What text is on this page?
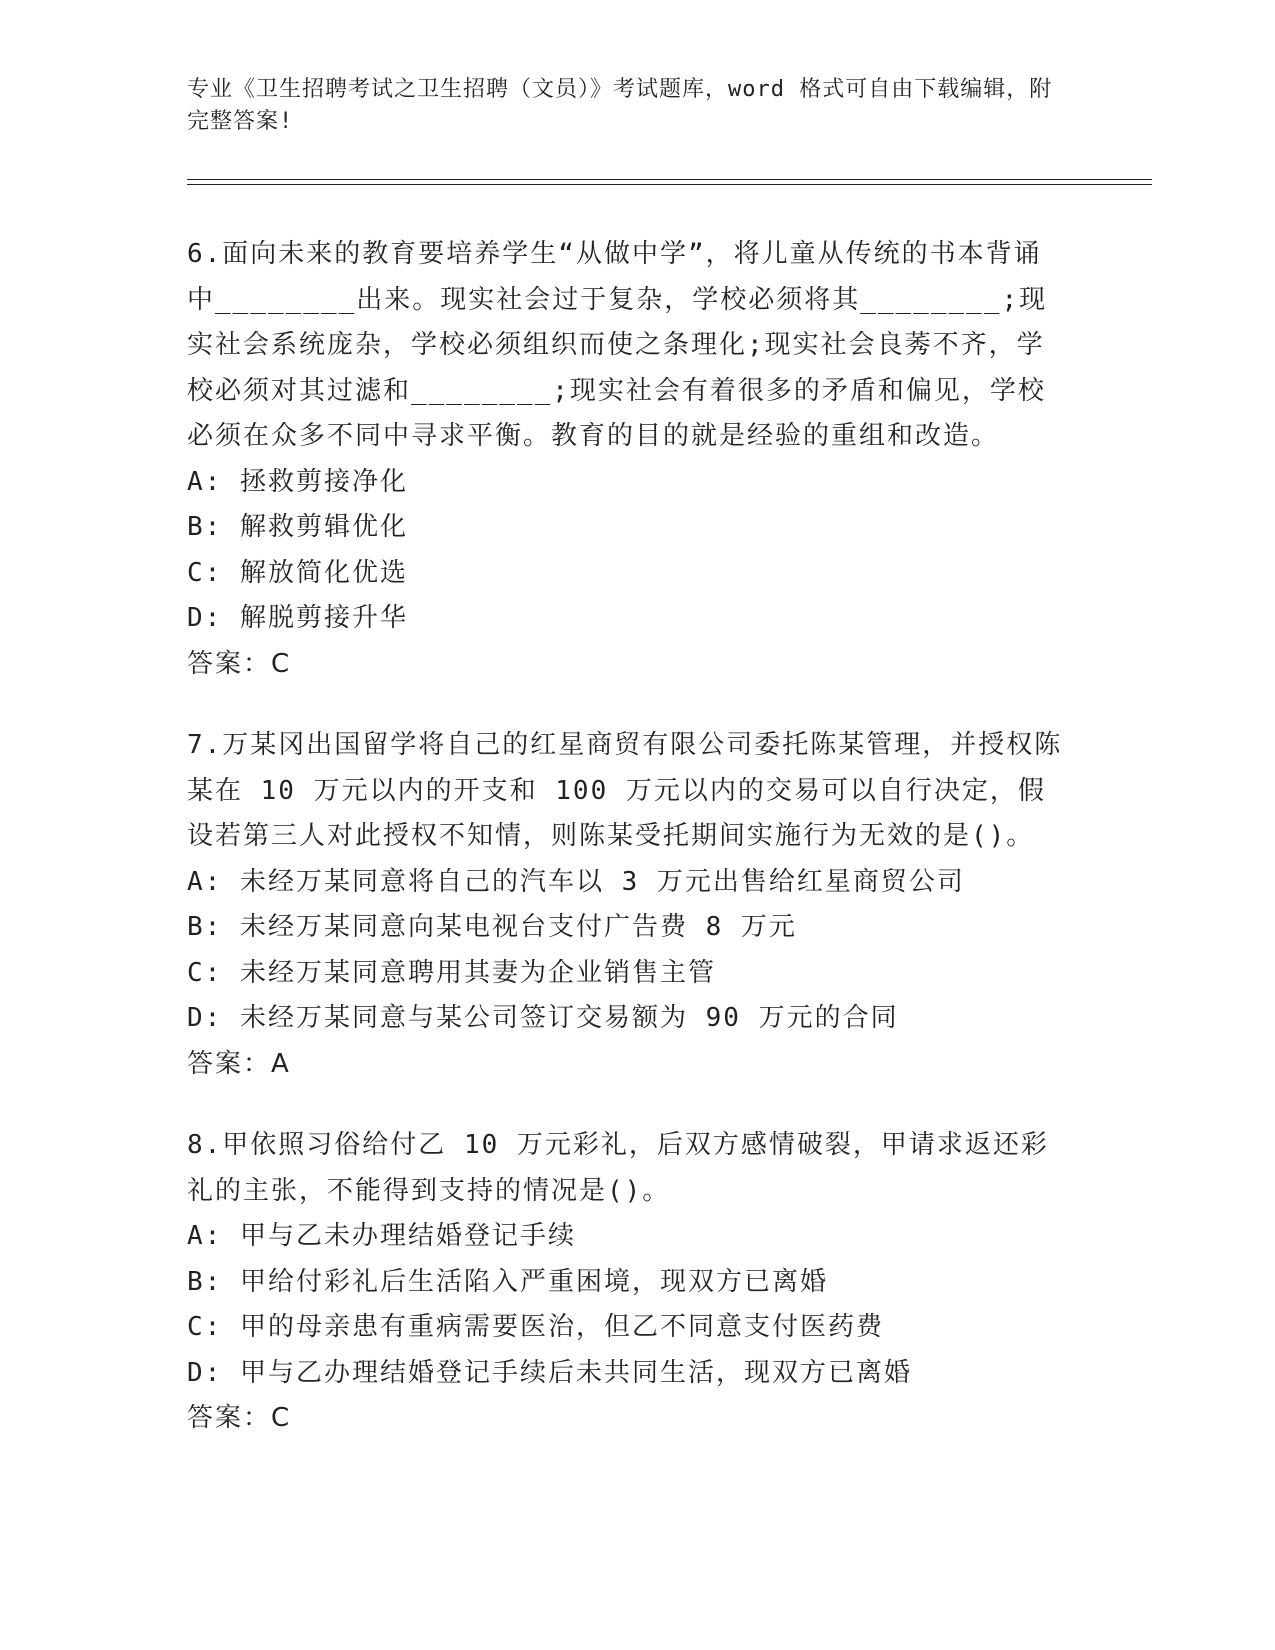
专业《卫生招聘考试之卫生招聘（文员）》考试题库，word 格式可自由下载编辑，附完整答案!

6.面向未来的教育要培养学生“从做中学”，将儿童从传统的书本背诵中________出来。现实社会过于复杂，学校必须将其________;现实社会系统庞杂，学校必须组织而使之条理化;现实社会良莠不齐，学校必须对其过滤和________;现实社会有着很多的矛盾和偏见，学校必须在众多不同中寻求平衡。教育的目的就是经验的重组和改造。

A: 拯救剪接净化

B: 解救剪辑优化

C: 解放简化优选

D: 解脱剪接升华

答案：C

7.万某冈出国留学将自己的红星商贸有限公司委托陈某管理，并授权陈某在 10 万元以内的开支和 100 万元以内的交易可以自行决定，假设若第三人对此授权不知情，则陈某受托期间实施行为无效的是()。

A: 未经万某同意将自己的汽车以 3 万元出售给红星商贸公司

B: 未经万某同意向某电视台支付广告费 8 万元

C: 未经万某同意聘用其妻为企业销售主管

D: 未经万某同意与某公司签订交易额为 90 万元的合同

答案：A

8.甲依照习俗给付乙 10 万元彩礼，后双方感情破裂，甲请求返还彩礼的主张，不能得到支持的情况是()。

A: 甲与乙未办理结婚登记手续

B: 甲给付彩礼后生活陷入严重困境，现双方已离婚

C: 甲的母亲患有重病需要医治，但乙不同意支付医药费

D: 甲与乙办理结婚登记手续后未共同生活，现双方已离婚

答案：C
